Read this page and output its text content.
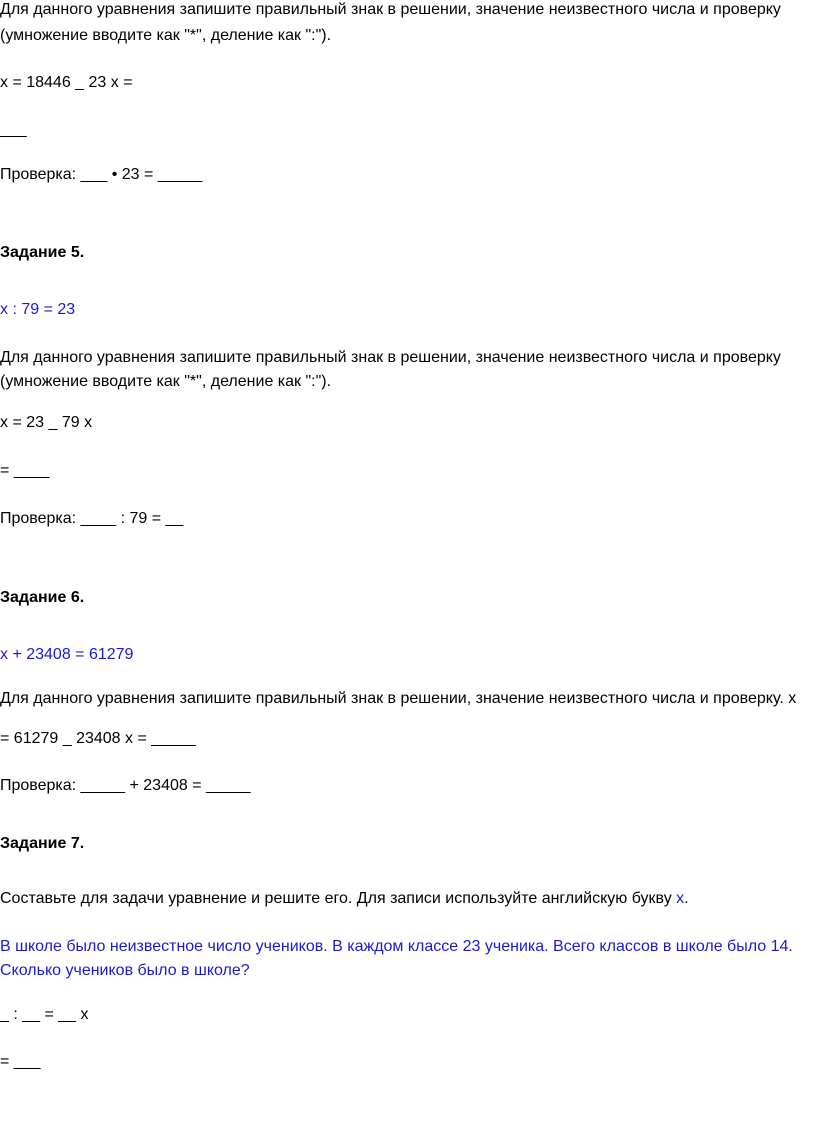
Для данного уравнения запишите правильный знак в решении, значение неизвестного числа и проверку
(умножение вводите как "*", деление как ":").
x = 18446 _ 23 x =
___
Проверка: ___ • 23 = _____
Задание 5.
x : 79 = 23
Для данного уравнения запишите правильный знак в решении, значение неизвестного числа и проверку
(умножение вводите как "*", деление как ":").
x = 23 _ 79 x
= ____
Проверка: ____ : 79 = __
Задание 6.
x + 23408 = 61279
Для данного уравнения запишите правильный знак в решении, значение неизвестного числа и проверку. x
= 61279 _ 23408 x = _____
Проверка: _____ + 23408 = _____
Задание 7.
Составьте для задачи уравнение и решите его. Для записи используйте английскую букву x.
В школе было неизвестное число учеников. В каждом классе 23 ученика. Всего классов в школе было 14.
Сколько учеников было в школе?
_ : __ = __ x
= ___
